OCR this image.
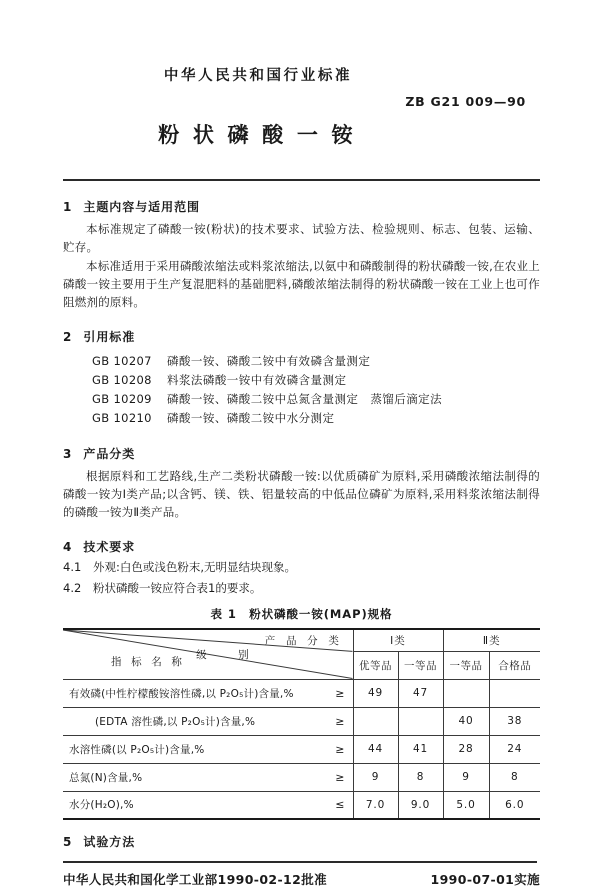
中华人民共和国行业标准
ZB G21 009—90
粉状磷酸一铵
1 主题内容与适用范围

本标准规定了磷酸一铵(粉状)的技术要求、试验方法、检验规则、标志、包装、运输、贮存。

本标准适用于采用磷酸浓缩法或料浆浓缩法,以氨中和磷酸制得的粉状磷酸一铵,在农业上磷酸一铵主要用于生产复混肥料的基础肥料,磷酸浓缩法制得的粉状磷酸一铵在工业上也可作阻燃剂的原料。

2 引用标准
GB 10207 磷酸一铵、磷酸二铵中有效磷含量测定
GB 10208 料浆法磷酸一铵中有效磷含量测定
GB 10209 磷酸一铵、磷酸二铵中总氮含量测定　蒸馏后滴定法
GB 10210 磷酸一铵、磷酸二铵中水分测定
3 产品分类

根据原料和工艺路线,生产二类粉状磷酸一铵:以优质磷矿为原料,采用磷酸浓缩法制得的磷酸一铵为Ⅰ类产品;以含钙、镁、铁、铝量较高的中低品位磷矿为原料,采用料浆浓缩法制得的磷酸一铵为Ⅱ类产品。

4 技术要求
4.1	外观:白色或浅色粉末,无明显结块现象。
4.2	粉状磷酸一铵应符合表1的要求。
表 1　粉状磷酸一铵(MAP)规格
产 品 分 类
级　　　别
指 标 名 称	Ⅰ类		Ⅱ类	
	优等品	一等品	一等品	合格品

有效磷(中性柠檬酸铵溶性磷,以 P₂O₅计)含量,% ≥	49	47		

(EDTA 溶性磷,以 P₂O₅计)含量,% ≥			40	38

水溶性磷(以 P₂O₅计)含量,% ≥	44	41	28	24

总氮(N)含量,% ≥	9	8	9	8

水分(H₂O),% ≤	7.0	9.0	5.0	6.0
5 试验方法
中华人民共和国化学工业部1990-02-12批准	1990-07-01实施
